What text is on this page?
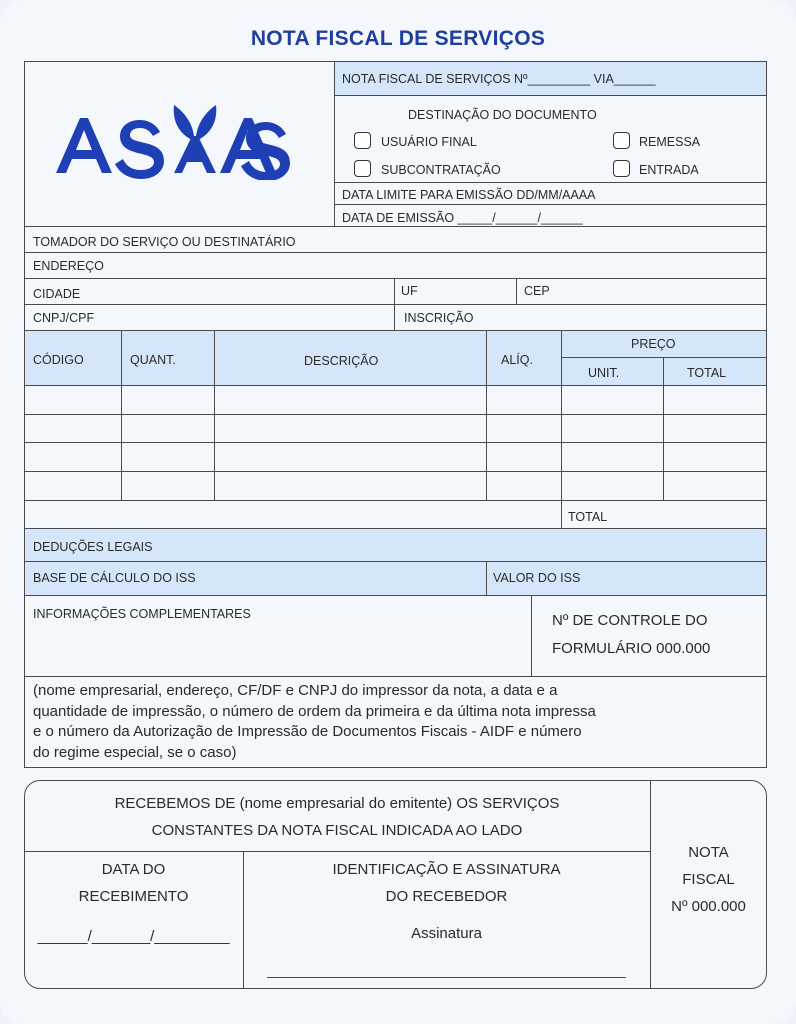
NOTA FISCAL DE SERVIÇOS
NOTA FISCAL DE SERVIÇOS Nº_________ VIA______
DESTINAÇÃO DO DOCUMENTO
USUÁRIO FINAL	REMESSA
SUBCONTRATAÇÃO	ENTRADA
DATA LIMITE PARA EMISSÃO DD/MM/AAAA
DATA DE EMISSÃO _____/______/______
TOMADOR DO SERVIÇO OU DESTINATÁRIO
ENDEREÇO
CIDADE	UF	CEP
CNPJ/CPF	INSCRIÇÃO
CÓDIGO	QUANT.	DESCRIÇÃO	ALÍQ.
PREÇO
UNIT.	TOTAL
TOTAL
DEDUÇÕES LEGAIS
BASE DE CÁLCULO DO ISS	VALOR DO ISS
INFORMAÇÕES COMPLEMENTARES	Nº DE CONTROLE DO
FORMULÁRIO 000.000
(nome empresarial, endereço, CF/DF e CNPJ do impressor da nota, a data e a
quantidade de impressão, o número de ordem da primeira e da última nota impressa
e o número da Autorização de Impressão de Documentos Fiscais - AIDF e número
do regime especial, se o caso)
RECEBEMOS DE (nome empresarial do emitente) OS SERVIÇOS
CONSTANTES DA NOTA FISCAL INDICADA AO LADO
DATA DO
RECEBIMENTO
______/_______/_________
IDENTIFICAÇÃO E ASSINATURA
DO RECEBEDOR
Assinatura
NOTA
FISCAL
Nº 000.000
